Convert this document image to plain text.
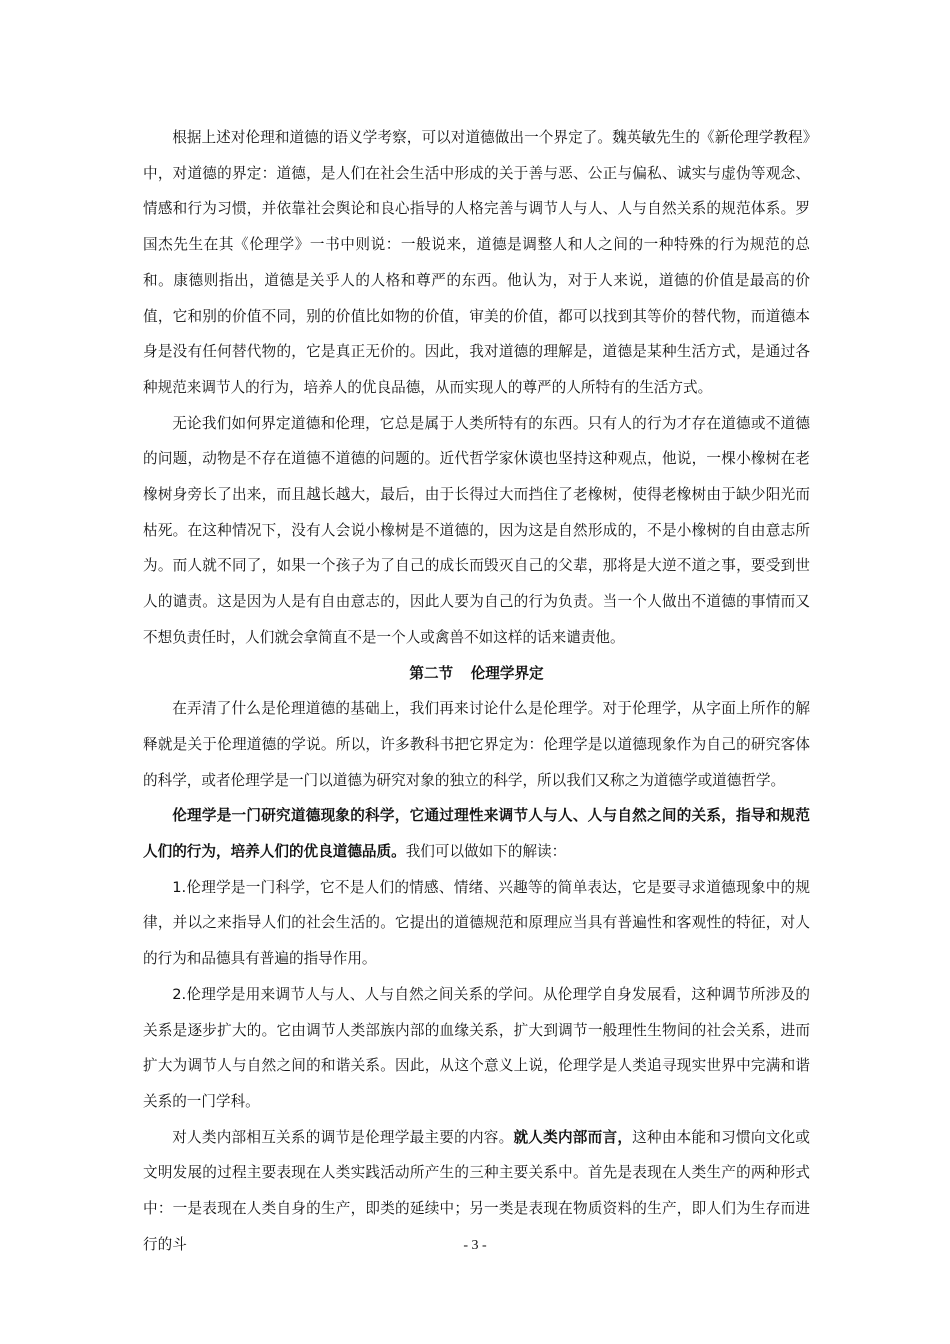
根据上述对伦理和道德的语义学考察，可以对道德做出一个界定了。魏英敏先生的《新伦理学教程》中，对道德的界定：道德，是人们在社会生活中形成的关于善与恶、公正与偏私、诚实与虚伪等观念、情感和行为习惯，并依靠社会舆论和良心指导的人格完善与调节人与人、人与自然关系的规范体系。罗国杰先生在其《伦理学》一书中则说：一般说来，道德是调整人和人之间的一种特殊的行为规范的总和。康德则指出，道德是关乎人的人格和尊严的东西。他认为，对于人来说，道德的价值是最高的价值，它和别的价值不同，别的价值比如物的价值，审美的价值，都可以找到其等价的替代物，而道德本身是没有任何替代物的，它是真正无价的。因此，我对道德的理解是，道德是某种生活方式，是通过各种规范来调节人的行为，培养人的优良品德，从而实现人的尊严的人所特有的生活方式。

无论我们如何界定道德和伦理，它总是属于人类所特有的东西。只有人的行为才存在道德或不道德的问题，动物是不存在道德不道德的问题的。近代哲学家休谟也坚持这种观点，他说，一棵小橡树在老橡树身旁长了出来，而且越长越大，最后，由于长得过大而挡住了老橡树，使得老橡树由于缺少阳光而枯死。在这种情况下，没有人会说小橡树是不道德的，因为这是自然形成的，不是小橡树的自由意志所为。而人就不同了，如果一个孩子为了自己的成长而毁灭自己的父辈，那将是大逆不道之事，要受到世人的谴责。这是因为人是有自由意志的，因此人要为自己的行为负责。当一个人做出不道德的事情而又不想负责任时，人们就会拿简直不是一个人或禽兽不如这样的话来谴责他。

第二节 伦理学界定

在弄清了什么是伦理道德的基础上，我们再来讨论什么是伦理学。对于伦理学，从字面上所作的解释就是关于伦理道德的学说。所以，许多教科书把它界定为：伦理学是以道德现象作为自己的研究客体的科学，或者伦理学是一门以道德为研究对象的独立的科学，所以我们又称之为道德学或道德哲学。

伦理学是一门研究道德现象的科学，它通过理性来调节人与人、人与自然之间的关系，指导和规范人们的行为，培养人们的优良道德品质。我们可以做如下的解读：

1.伦理学是一门科学，它不是人们的情感、情绪、兴趣等的简单表达，它是要寻求道德现象中的规律，并以之来指导人们的社会生活的。它提出的道德规范和原理应当具有普遍性和客观性的特征，对人的行为和品德具有普遍的指导作用。

2.伦理学是用来调节人与人、人与自然之间关系的学问。从伦理学自身发展看，这种调节所涉及的关系是逐步扩大的。它由调节人类部族内部的血缘关系，扩大到调节一般理性生物间的社会关系，进而扩大为调节人与自然之间的和谐关系。因此，从这个意义上说，伦理学是人类追寻现实世界中完满和谐关系的一门学科。

对人类内部相互关系的调节是伦理学最主要的内容。就人类内部而言，这种由本能和习惯向文化或文明发展的过程主要表现在人类实践活动所产生的三种主要关系中。首先是表现在人类生产的两种形式中：一是表现在人类自身的生产，即类的延续中；另一类是表现在物质资料的生产，即人们为生存而进行的斗	- 3 -
